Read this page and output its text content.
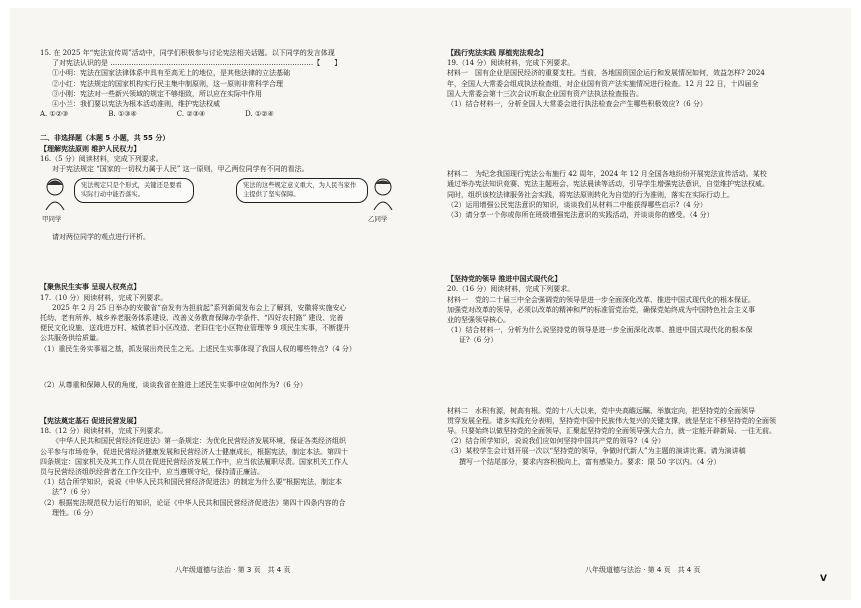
15. 在 2025 年“宪法宣传周”活动中，同学们积极参与讨论宪法相关话题。以下同学的发言体现
了对宪法认识的是 ……………………………………………………………………………【　　】
①小明：宪法在国家法律体系中具有至高无上的地位，是其他法律的立法基础
②小红：宪法规定的国家机构实行民主集中制原则，这一原则非常科学合理
③小刚：宪法对一些新兴领域的规定不够细致，所以应在实际中作用
④小兰：我们要以宪法为根本活动准则，维护宪法权威
A. ①②③	B. ①③④	C. ②③④	D. ①②④
二、非选择题（本题 5 小题，共 55 分）
【理解宪法原则 维护人民权力】
16.（5 分）阅读材料，完成下列要求。
对于宪法规定 “国家的一切权力属于人民” 这一原则，甲乙两位同学有不同的看法。
宪法规定只是个形式，关键还是要看实际行动中能否落实。
宪法的这些规定意义重大，为人民当家作主提供了坚实保障。
甲同学	乙同学
请对两位同学的观点进行评析。
【聚焦民生实事 呈现人权亮点】
17.（10 分）阅读材料，完成下列要求。
2025 年 2 月 25 日举办的安徽省“奋发有为担前起”系列新闻发布会上了解到，安徽将实施安心
托幼、老有所养、城乡养老服务体系建设、改善义务教育保障办学条件、“四好农村路” 建设、完善
便民文化设施、送戏进万村、城镇老旧小区改造、老旧住宅小区物业管理等 9 项民生实事，不断提升
公共服务供给质量。
（1）重民生务实事福之基，抓发展出亮民生之光。上述民生实事体现了我国人权的哪些特点?（4 分）
（2）从尊重和保障人权的角度，谈谈我省在推进上述民生实事中应如何作为?（6 分）
【宪法奠定基石 促进民营发展】
18.（12 分）阅读材料，完成下列要求。
《中华人民共和国民营经济促进法》第一条规定：为优化民营经济发展环境，保证各类经济组织
公平参与市场竞争，促进民营经济健康发展和民营经济人士健康成长，根据宪法，制定本法。第四十
四条规定：国家机关及其工作人员在促进民营经济发展工作中，应当依法履职尽责。国家机关工作人
员与民营经济组织经营者在工作交往中，应当遵规守纪，保持清正廉洁。
（1）结合所学知识，说说《中华人民共和国民营经济促进法》的制定为什么要“根据宪法，制定本
法”?（6 分）
（2）根据宪法规范权力运行的知识，论证《中华人民共和国民营经济促进法》第四十四条内容的合
理性。（6 分）
【践行宪法实践 厚植宪法观念】
19.（14 分）阅读材料，完成下列要求。
材料一　国有企业是国民经济的重要支柱。当前，各地国资国企运行和发展情况如何，效益怎样? 2024
年，全国人大常委会组成执法检查组，对企业国有资产法实施情况进行检查。12 月 22 日，十四届全
国人大常委会第十三次会议听取企业国有资产法执法检查报告。
（1）结合材料一，分析全国人大常委会进行执法检查会产生哪些积极效应?（6 分）
材料二　为纪念我国现行宪法公布施行 42 周年，2024 年 12 月全国各地纷纷开展宪法宣传活动。某校
通过举办宪法知识竞赛、宪法主题班会、宪法晨读等活动，引导学生增强宪法意识，自觉维护宪法权威。
同时，组织该校法律服务社会实践，将宪法原则转化为自觉的行为准则，落实在实际行动上。
（2）运用增强公民宪法意识的知识，谈谈我们从材料二中能获得哪些启示?（4 分）
（3）请分享一个你或你所在班级增强宪法意识的实践活动，并谈谈你的感受。（4 分）
【坚持党的领导 推进中国式现代化】
20.（16 分）阅读材料，完成下列要求。
材料一　党的二十届三中全会强调党的领导是进一步全面深化改革、推进中国式现代化的根本保证。
加强党对改革的领导，必须以改革的精神和严的标准管党治党，确保党始终成为中国特色社会主义事
业的坚强领导核心。
（1）结合材料一，分析为什么说坚持党的领导是进一步全面深化改革、推进中国式现代化的根本保
证?（6 分）
材料二　水积有源，树高有根。党的十八大以来，党中央高瞻远瞩、举旗定向，把坚持党的全面领导
贯穿发展全程。诸多实践充分表明，坚持党中国中民族伟大复兴的关键支撑，就是坚定不移坚持党的全面领
导。只要始终以做坚持党的全面领导，汇聚起坚持党的全面领导强大合力，就一定能开辟新局、一往无前。
（2）结合所学知识，说说我们应如何坚持中国共产党的领导?（4 分）
（3）某校学生会计划开展一次以“坚持党的领导，争做时代新人”为主题的演讲比赛。请为演讲稿
撰写一个结尾部分，要求内容积极向上，富有感染力。要求：限 50 字以内。（4 分）
八年级道德与法治 · 第 3 页　共 4 页	八年级道德与法治 · 第 4 页　共 4 页
V
